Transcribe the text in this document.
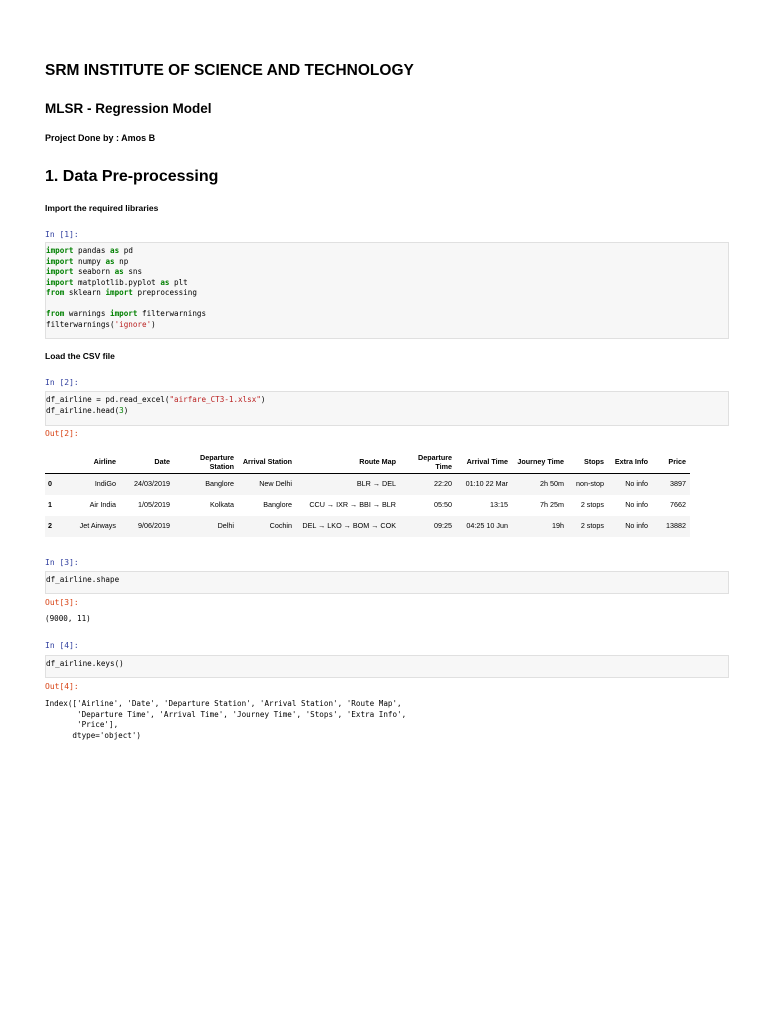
SRM INSTITUTE OF SCIENCE AND TECHNOLOGY
MLSR - Regression Model

Project Done by : Amos B

1. Data Pre-processing

Import the required libraries

In [1]:
import pandas as pd
import numpy as np
import seaborn as sns
import matplotlib.pyplot as plt
from sklearn import preprocessing

from warnings import filterwarnings
filterwarnings('ignore')

Load the CSV file

In [2]:
df_airline = pd.read_excel("airfare_CT3-1.xlsx")
df_airline.head(3)
Out[2]:
	Airline	Date	Departure Station	Arrival Station	Route Map	Departure Time	Arrival Time	Journey Time	Stops	Extra Info	Price
0	IndiGo	24/03/2019	Banglore	New Delhi	BLR → DEL	22:20	01:10 22 Mar	2h 50m	non-stop	No info	3897
1	Air India	1/05/2019	Kolkata	Banglore	CCU → IXR → BBI → BLR	05:50	13:15	7h 25m	2 stops	No info	7662
2	Jet Airways	9/06/2019	Delhi	Cochin	DEL → LKO → BOM → COK	09:25	04:25 10 Jun	19h	2 stops	No info	13882
In [3]:
df_airline.shape
Out[3]:
(9000, 11)
In [4]:
df_airline.keys()
Out[4]:
Index(['Airline', 'Date', 'Departure Station', 'Arrival Station', 'Route Map',
'Departure Time', 'Arrival Time', 'Journey Time', 'Stops', 'Extra Info',
'Price'],
dtype='object')
